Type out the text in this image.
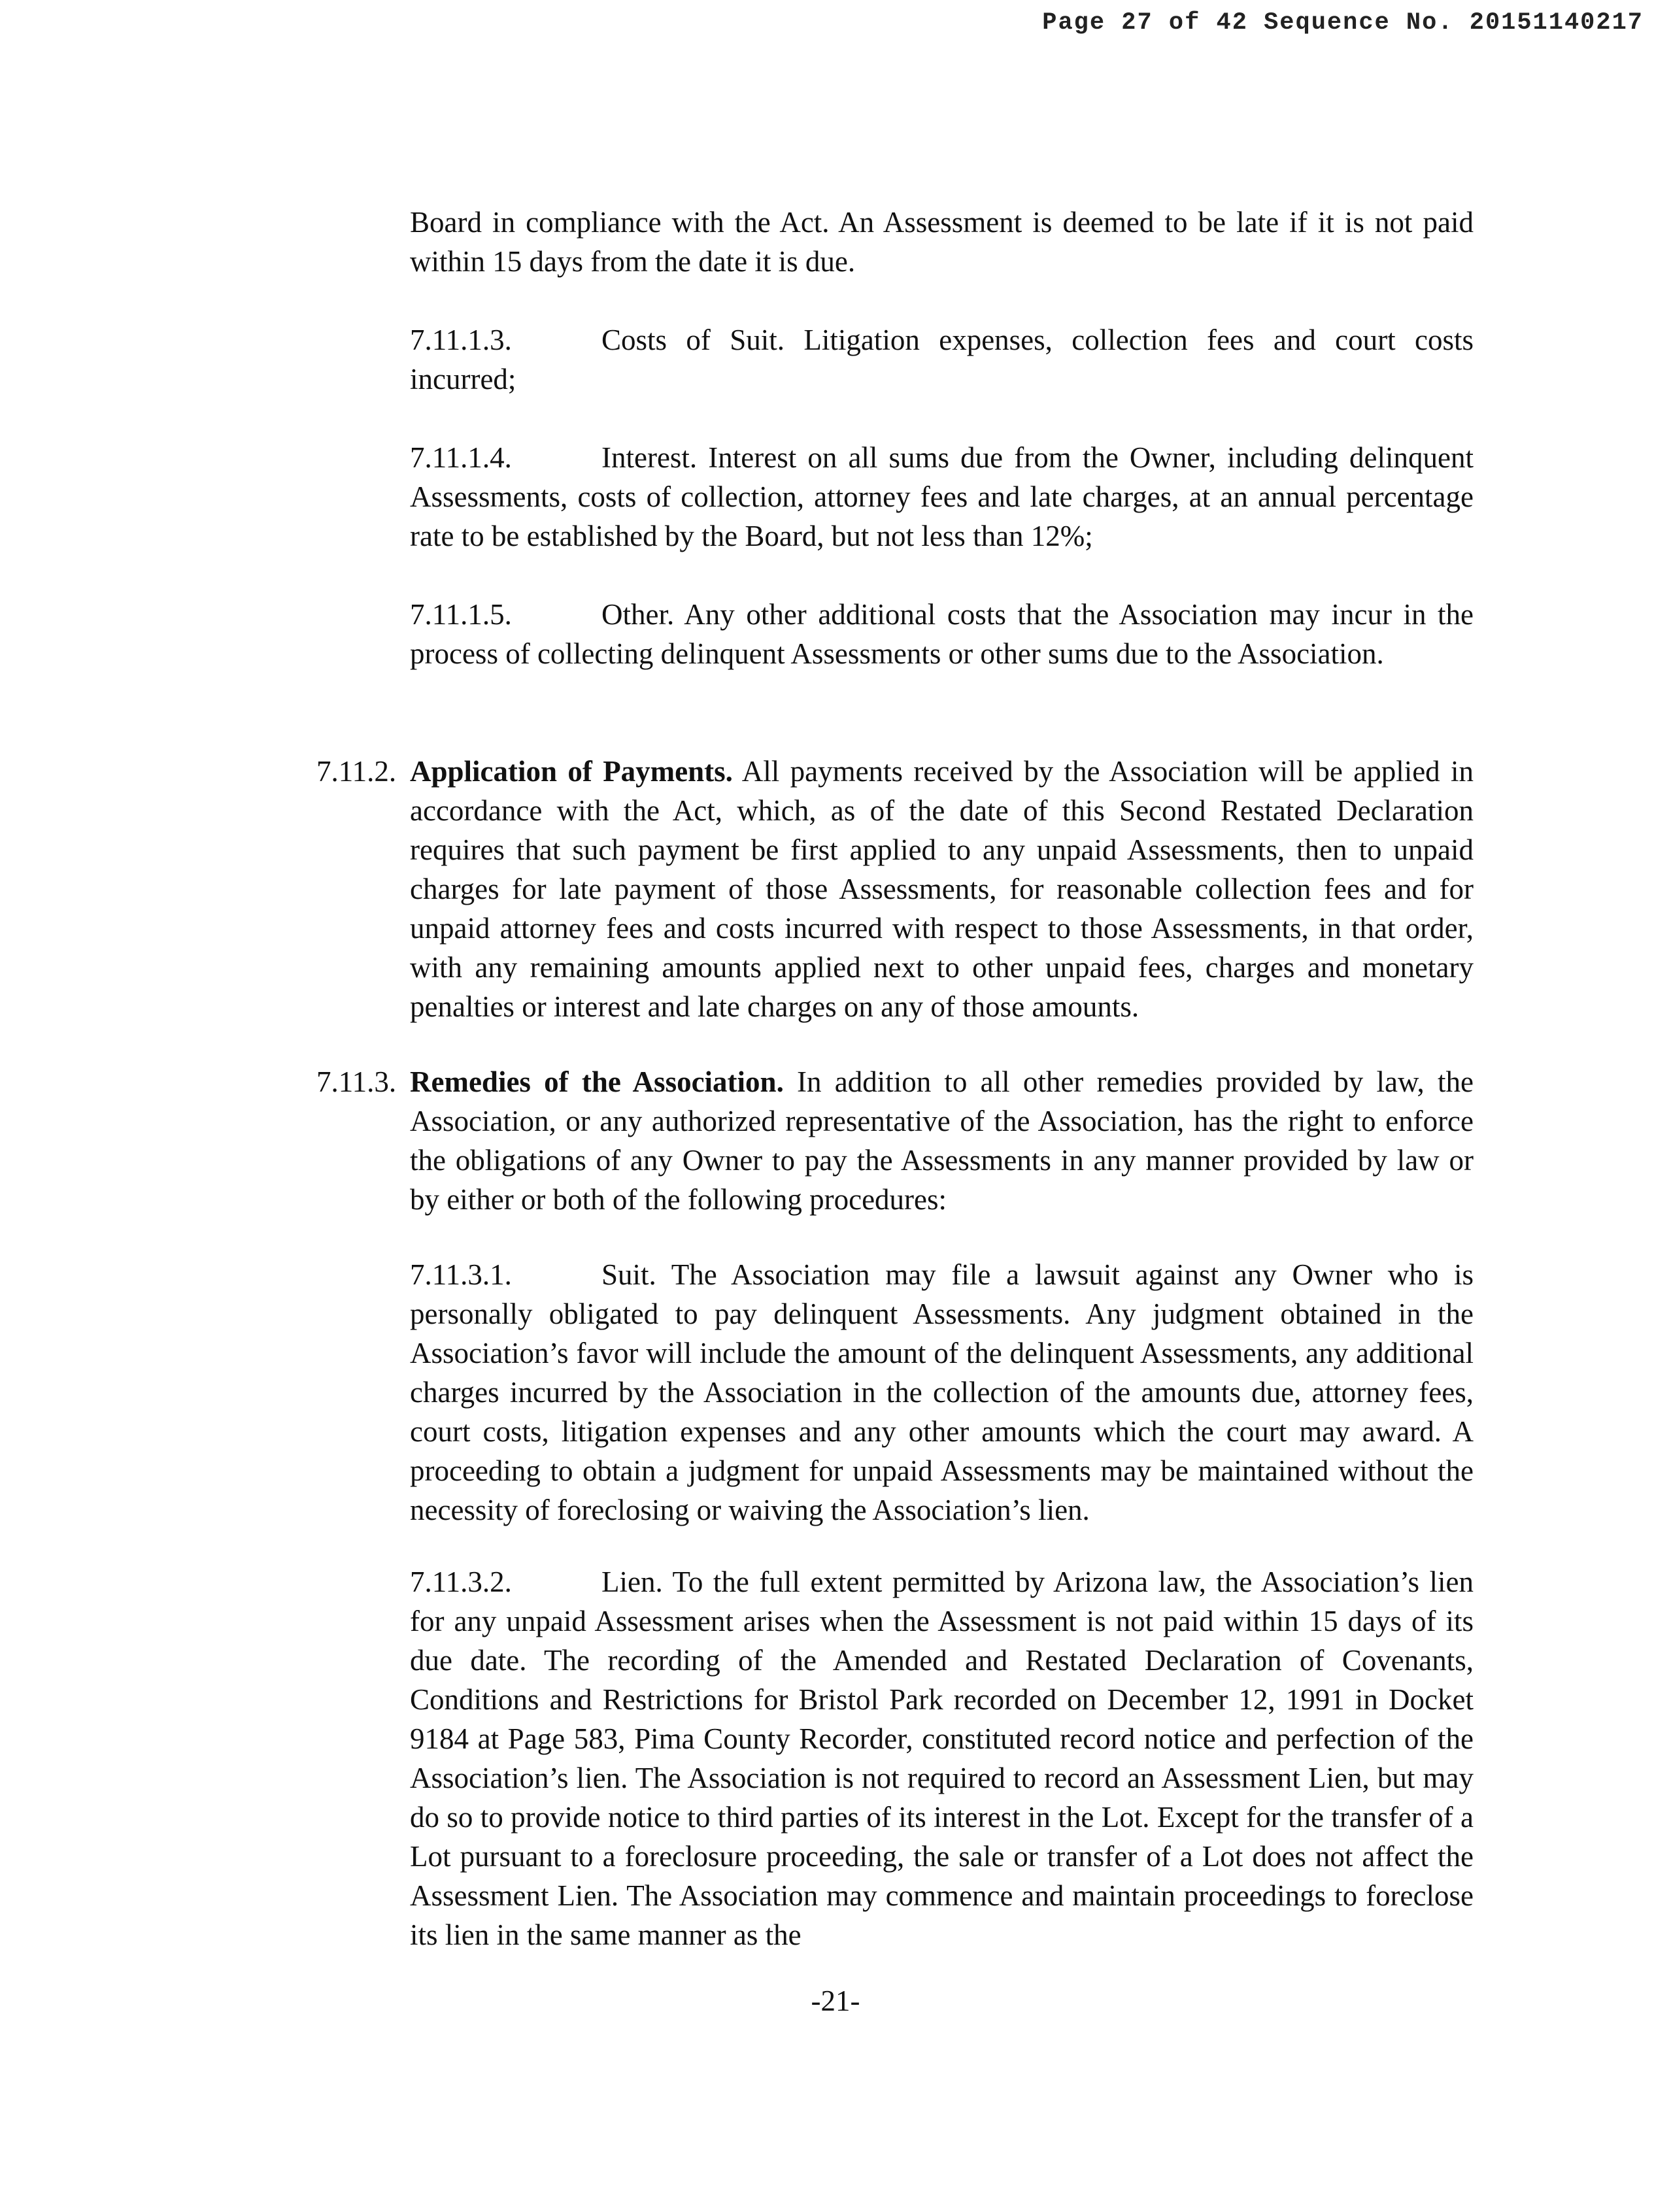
Page 27 of 42 Sequence No. 20151140217

Board in compliance with the Act. An Assessment is deemed to be late if it is not paid within 15 days from the date it is due.

7.11.1.3.	Costs of Suit. Litigation expenses, collection fees and court costs incurred;

7.11.1.4.	Interest. Interest on all sums due from the Owner, including delinquent Assessments, costs of collection, attorney fees and late charges, at an annual percentage rate to be established by the Board, but not less than 12%;

7.11.1.5.	Other. Any other additional costs that the Association may incur in the process of collecting delinquent Assessments or other sums due to the Association.

7.11.2. Application of Payments. All payments received by the Association will be applied in accordance with the Act, which, as of the date of this Second Restated Declaration requires that such payment be first applied to any unpaid Assessments, then to unpaid charges for late payment of those Assessments, for reasonable collection fees and for unpaid attorney fees and costs incurred with respect to those Assessments, in that order, with any remaining amounts applied next to other unpaid fees, charges and monetary penalties or interest and late charges on any of those amounts.

7.11.3. Remedies of the Association. In addition to all other remedies provided by law, the Association, or any authorized representative of the Association, has the right to enforce the obligations of any Owner to pay the Assessments in any manner provided by law or by either or both of the following procedures:

7.11.3.1.	Suit. The Association may file a lawsuit against any Owner who is personally obligated to pay delinquent Assessments. Any judgment obtained in the Association’s favor will include the amount of the delinquent Assessments, any additional charges incurred by the Association in the collection of the amounts due, attorney fees, court costs, litigation expenses and any other amounts which the court may award. A proceeding to obtain a judgment for unpaid Assessments may be maintained without the necessity of foreclosing or waiving the Association’s lien.

7.11.3.2.	Lien. To the full extent permitted by Arizona law, the Association’s lien for any unpaid Assessment arises when the Assessment is not paid within 15 days of its due date. The recording of the Amended and Restated Declaration of Covenants, Conditions and Restrictions for Bristol Park recorded on December 12, 1991 in Docket 9184 at Page 583, Pima County Recorder, constituted record notice and perfection of the Association’s lien. The Association is not required to record an Assessment Lien, but may do so to provide notice to third parties of its interest in the Lot. Except for the transfer of a Lot pursuant to a foreclosure proceeding, the sale or transfer of a Lot does not affect the Assessment Lien. The Association may commence and maintain proceedings to foreclose its lien in the same manner as the

-21-
